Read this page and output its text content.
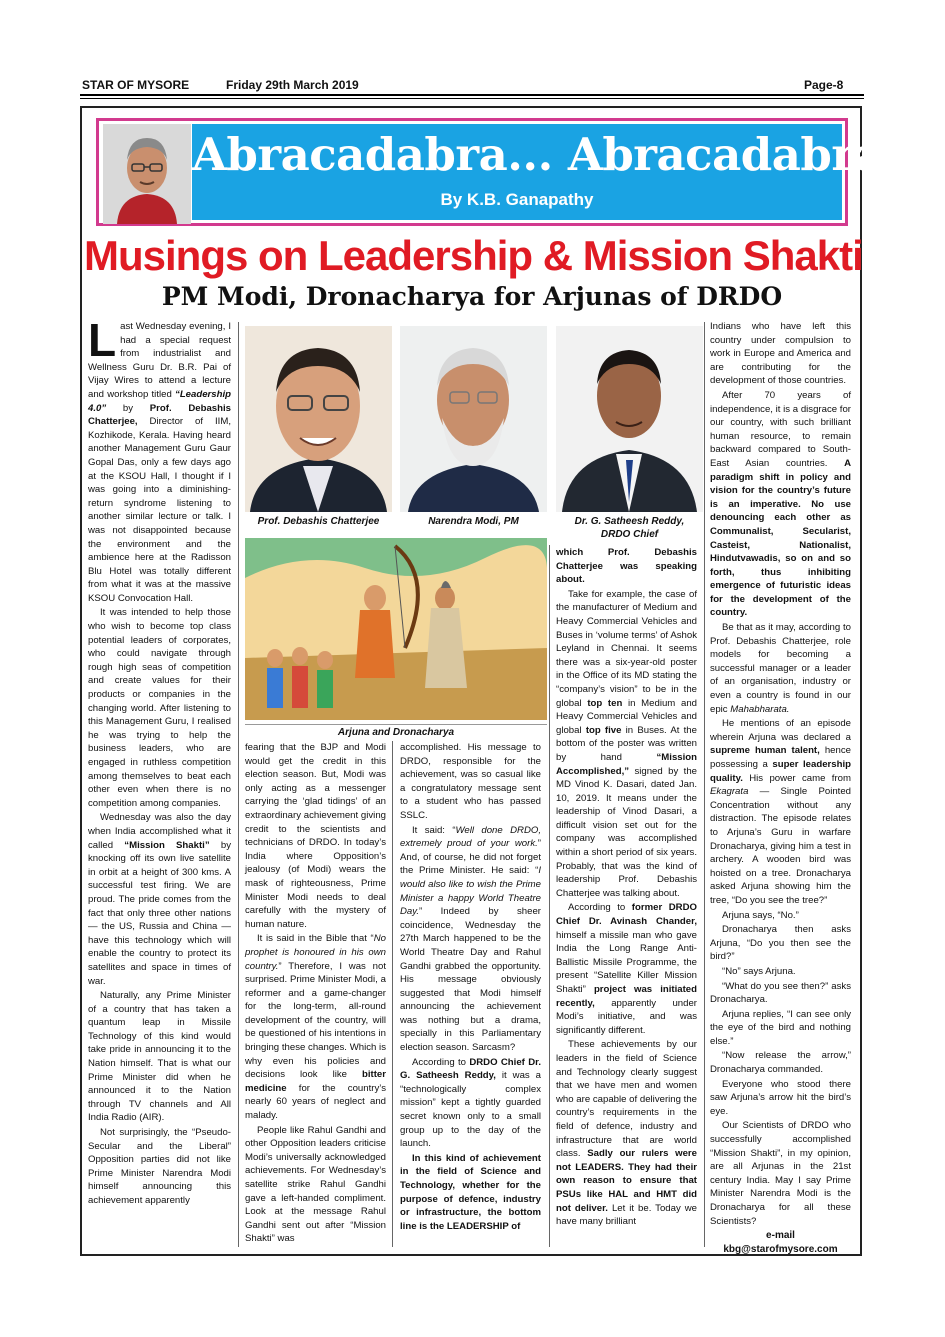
STAR OF MYSORE	Friday 29th March 2019	Page-8
Abracadabra... Abracadabra...
By K.B. Ganapathy
Musings on Leadership & Mission Shakti
PM Modi, Dronacharya for Arjunas of DRDO

Last Wednesday evening, I had a special request from industrialist and Wellness Guru Dr. B.R. Pai of Vijay Wires to attend a lecture and workshop titled “Leadership 4.0” by Prof. Debashis Chatterjee, Director of IIM, Kozhikode, Kerala. Having heard another Management Guru Gaur Gopal Das, only a few days ago at the KSOU Hall, I thought if I was going into a diminishing-return syndrome listening to another similar lecture or talk. I was not disappointed because the environment and the ambience here at the Radisson Blu Hotel was totally different from what it was at the massive KSOU Convocation Hall.

It was intended to help those who wish to become top class potential leaders of corporates, who could navigate through rough high seas of competition and create values for their products or companies in the changing world. After listening to this Management Guru, I realised he was trying to help the business leaders, who are engaged in ruthless competition among themselves to beat each other even when there is no competition among companies.

Wednesday was also the day when India accomplished what it called “Mission Shakti” by knocking off its own live satellite in orbit at a height of 300 kms. A successful test firing. We are proud. The pride comes from the fact that only three other nations — the US, Russia and China — have this technology which will enable the country to protect its satellites and space in times of war.

Naturally, any Prime Minister of a country that has taken a quantum leap in Missile Technology of this kind would take pride in announcing it to the Nation himself. That is what our Prime Minister did when he announced it to the Nation through TV channels and All India Radio (AIR).

Not surprisingly, the “Pseudo-Secular and the Liberal” Opposition parties did not like Prime Minister Narendra Modi himself announcing this achievement apparently

Prof. Debashis Chatterjee	Narendra Modi, PM	Dr. G. Satheesh Reddy,
DRDO Chief
Arjuna and Dronacharya

fearing that the BJP and Modi would get the credit in this election season. But, Modi was only acting as a messenger carrying the ‘glad tidings’ of an extraordinary achievement giving credit to the scientists and technicians of DRDO. In today’s India where Opposition’s jealousy (of Modi) wears the mask of righteousness, Prime Minister Modi needs to deal carefully with the mystery of human nature.

It is said in the Bible that “No prophet is honoured in his own country.” Therefore, I was not surprised. Prime Minister Modi, a reformer and a game-changer for the long-term, all-round development of the country, will be questioned of his intentions in bringing these changes. Which is why even his policies and decisions look like bitter medicine for the country’s nearly 60 years of neglect and malady.

People like Rahul Gandhi and other Opposition leaders criticise Modi’s universally acknowledged achievements. For Wednesday’s satellite strike Rahul Gandhi gave a left-handed compliment. Look at the message Rahul Gandhi sent out after “Mission Shakti” was

accomplished. His message to DRDO, responsible for the achievement, was so casual like a congratulatory message sent to a student who has passed SSLC.

It said: “Well done DRDO, extremely proud of your work.” And, of course, he did not forget the Prime Minister. He said: “I would also like to wish the Prime Minister a happy World Theatre Day.” Indeed by sheer coincidence, Wednesday the 27th March happened to be the World Theatre Day and Rahul Gandhi grabbed the opportunity. His message obviously suggested that Modi himself announcing the achievement was nothing but a drama, specially in this Parliamentary election season. Sarcasm?

According to DRDO Chief Dr. G. Satheesh Reddy, it was a “technologically complex mission” kept a tightly guarded secret known only to a small group up to the day of the launch.

In this kind of achievement in the field of Science and Technology, whether for the purpose of defence, industry or infrastructure, the bottom line is the LEADERSHIP of

which Prof. Debashis Chatterjee was speaking about.

Take for example, the case of the manufacturer of Medium and Heavy Commercial Vehicles and Buses in ‘volume terms’ of Ashok Leyland in Chennai. It seems there was a six-year-old poster in the Office of its MD stating the “company’s vision” to be in the global top ten in Medium and Heavy Commercial Vehicles and global top five in Buses. At the bottom of the poster was written by hand “Mission Accomplished,” signed by the MD Vinod K. Dasari, dated Jan. 10, 2019. It means under the leadership of Vinod Dasari, a difficult vision set out for the company was accomplished within a short period of six years. Probably, that was the kind of leadership Prof. Debashis Chatterjee was talking about.

According to former DRDO Chief Dr. Avinash Chander, himself a missile man who gave India the Long Range Anti-Ballistic Missile Programme, the present “Satellite Killer Mission Shakti” project was initiated recently, apparently under Modi’s initiative, and was significantly different.

These achievements by our leaders in the field of Science and Technology clearly suggest that we have men and women who are capable of delivering the country’s requirements in the field of defence, industry and infrastructure that are world class. Sadly our rulers were not LEADERS. They had their own reason to ensure that PSUs like HAL and HMT did not deliver. Let it be. Today we have many brilliant

Indians who have left this country under compulsion to work in Europe and America and are contributing for the development of those countries.

After 70 years of independence, it is a disgrace for our country, with such brilliant human resource, to remain backward compared to South-East Asian countries. A paradigm shift in policy and vision for the country’s future is an imperative. No use denouncing each other as Communalist, Secularist, Casteist, Nationalist, Hindutvawadis, so on and so forth, thus inhibiting emergence of futuristic ideas for the development of the country.

Be that as it may, according to Prof. Debashis Chatterjee, role models for becoming a successful manager or a leader of an organisation, industry or even a country is found in our epic Mahabharata.

He mentions of an episode wherein Arjuna was declared a supreme human talent, hence possessing a super leadership quality. His power came from Ekagrata — Single Pointed Concentration without any distraction. The episode relates to Arjuna’s Guru in warfare Dronacharya, giving him a test in archery. A wooden bird was hoisted on a tree. Dronacharya asked Arjuna showing him the tree, “Do you see the tree?”

Arjuna says, “No.”

Dronacharya then asks Arjuna, “Do you then see the bird?”

“No” says Arjuna.

“What do you see then?” asks Dronacharya.

Arjuna replies, “I can see only the eye of the bird and nothing else.”

“Now release the arrow,” Dronacharya commanded.

Everyone who stood there saw Arjuna’s arrow hit the bird’s eye.

Our Scientists of DRDO who successfully accomplished “Mission Shakti”, in my opinion, are all Arjunas in the 21st century India. May I say Prime Minister Narendra Modi is the Dronacharya for all these Scientists?

e-mail
kbg@starofmysore.com
